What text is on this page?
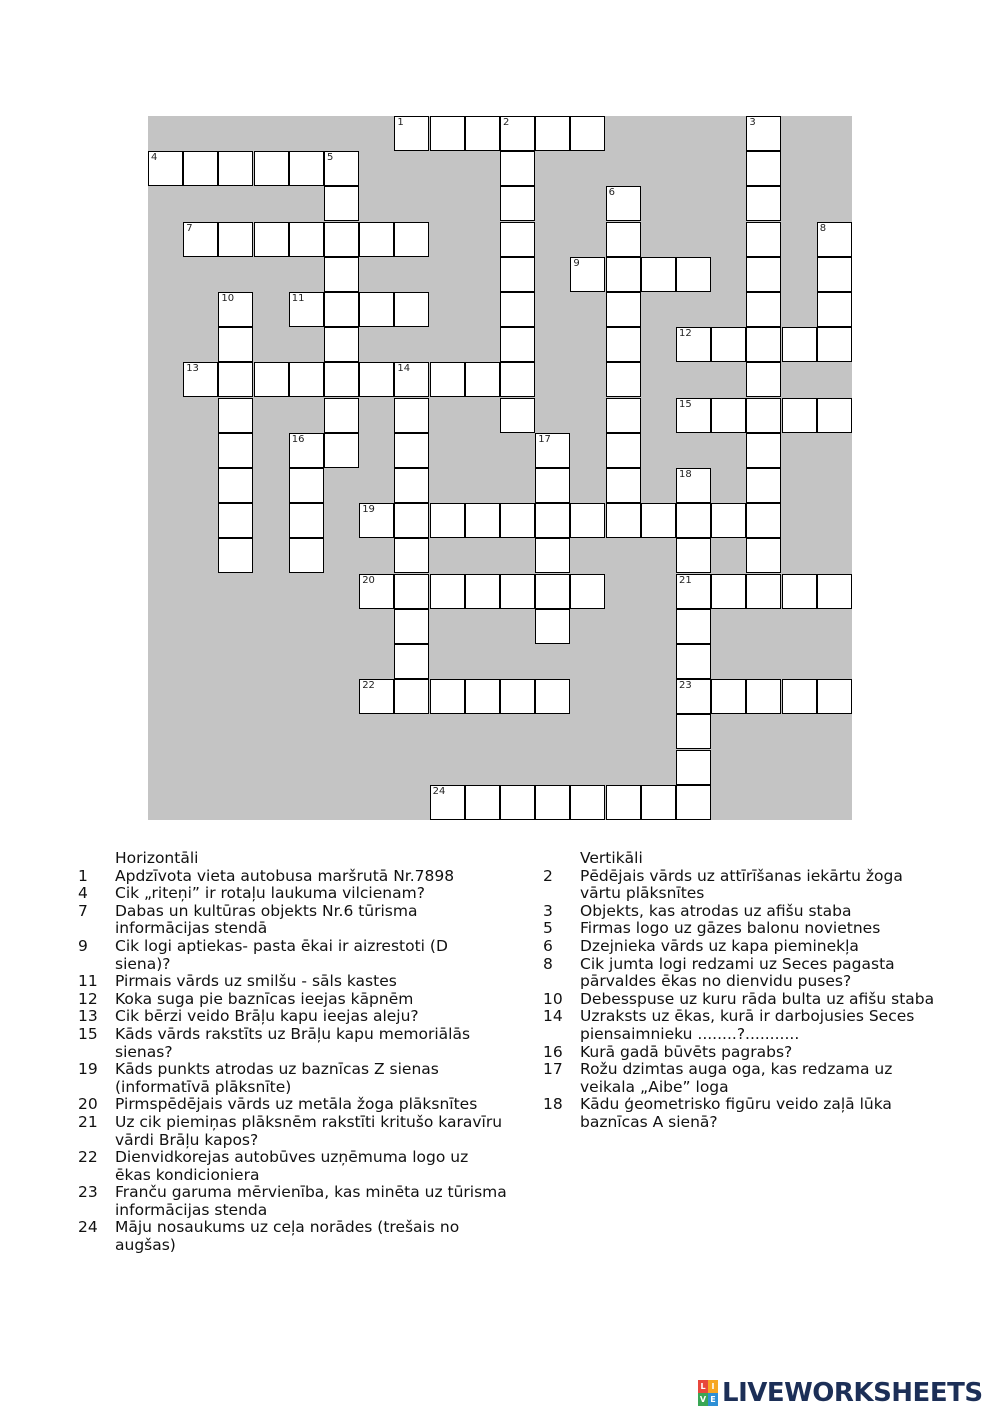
1	2	3
4	5
6
7	8
9
10	11
12
13	14
15
16	17
18
21
23
19
20
22
24
Horizontāli
1	Apdzīvota vieta autobusa maršrutā Nr.7898
4	Cik „riteņi” ir rotaļu laukuma vilcienam?
7	Dabas un kultūras objekts Nr.6 tūrisma informācijas stendā
9	Cik logi aptiekas- pasta ēkai ir aizrestoti (D siena)?
11	Pirmais vārds uz smilšu - sāls kastes
12	Koka suga pie baznīcas ieejas kāpnēm
13	Cik bērzi veido Brāļu kapu ieejas aleju?
15	Kāds vārds rakstīts uz Brāļu kapu memoriālās sienas?
19	Kāds punkts atrodas uz baznīcas Z sienas (informatīvā plāksnīte)
20	Pirmspēdējais vārds uz metāla žoga plāksnītes
21	Uz cik piemiņas plāksnēm rakstīti kritušo karavīru vārdi Brāļu kapos?
22	Dienvidkorejas autobūves uzņēmuma logo uz ēkas kondicioniera
23	Franču garuma mērvienība, kas minēta uz tūrisma informācijas stenda
24	Māju nosaukums uz ceļa norādes (trešais no augšas)
Vertikāli
2	Pēdējais vārds uz attīrīšanas iekārtu žoga vārtu plāksnītes
3	Objekts, kas atrodas uz afišu staba
5	Firmas logo uz gāzes balonu novietnes
6	Dzejnieka vārds uz kapa pieminekļa
8	Cik jumta logi redzami uz Seces pagasta pārvaldes ēkas no dienvidu puses?
10	Debesspuse uz kuru rāda bulta uz afišu staba
14	Uzraksts uz ēkas, kurā ir darbojusies Seces piensaimnieku ........?...........
16	Kurā gadā būvēts pagrabs?
17	Rožu dzimtas auga oga, kas redzama uz veikala „Aibe” loga
18	Kādu ģeometrisko figūru veido zaļā lūka baznīcas A sienā?
L I
V E LIVEWORKSHEETS
